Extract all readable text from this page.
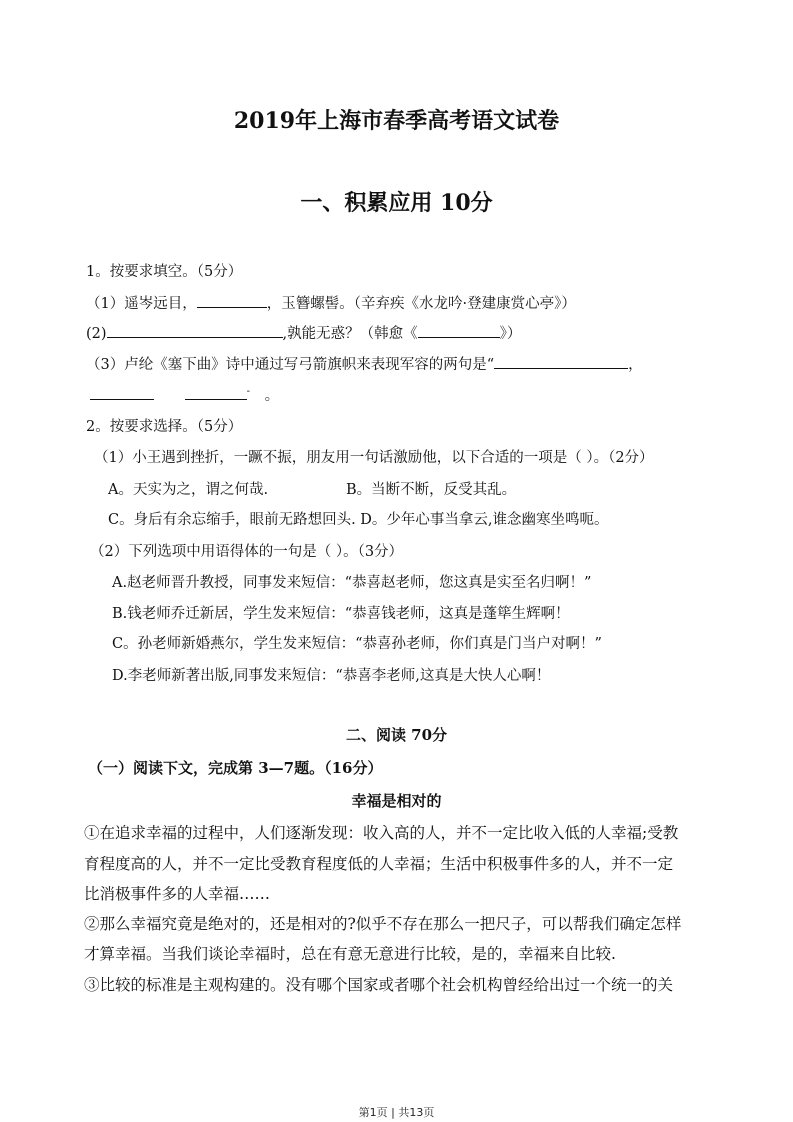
2019年上海市春季高考语文试卷
一、积累应用 10分
1。按要求填空。（5分）
（1）遥岑远目，	，玉簪螺髻。（辛弃疾《水龙吟·登建康赏心亭》）
(2)	,孰能无惑？（韩愈《	》）
（3）卢纶《塞下曲》诗中通过写弓箭旗帜来表现军容的两句是“	，
- 。
2。按要求选择。（5分）
（1）小王遇到挫折，一蹶不振，朋友用一句话激励他，以下合适的一项是（ ）。（2分）
A。天实为之，谓之何哉.	B。当断不断，反受其乱。
C。身后有余忘缩手，眼前无路想回头. D。少年心事当拿云,谁念幽寒坐鸣呃。
（2）下列选项中用语得体的一句是（ ）。（3分）
A.赵老师晋升教授，同事发来短信：“恭喜赵老师，您这真是实至名归啊！”
B.钱老师乔迁新居，学生发来短信：“恭喜钱老师，这真是蓬筚生辉啊！
C。孙老师新婚燕尔，学生发来短信：“恭喜孙老师，你们真是门当户对啊！”
D.李老师新著出版,同事发来短信：“恭喜李老师,这真是大快人心啊！
二、阅读 70分
（一）阅读下文，完成第 3—7题。（16分）
幸福是相对的
①在追求幸福的过程中，人们逐渐发现：收入高的人，并不一定比收入低的人幸福;受教
育程度高的人，并不一定比受教育程度低的人幸福；生活中积极事件多的人，并不一定
比消极事件多的人幸福……
②那么幸福究竟是绝对的，还是相对的?似乎不存在那么一把尺子，可以帮我们确定怎样
才算幸福。当我们谈论幸福时，总在有意无意进行比较，是的，幸福来自比较.
③比较的标准是主观构建的。没有哪个国家或者哪个社会机构曾经给出过一个统一的关
第1页 | 共13页
